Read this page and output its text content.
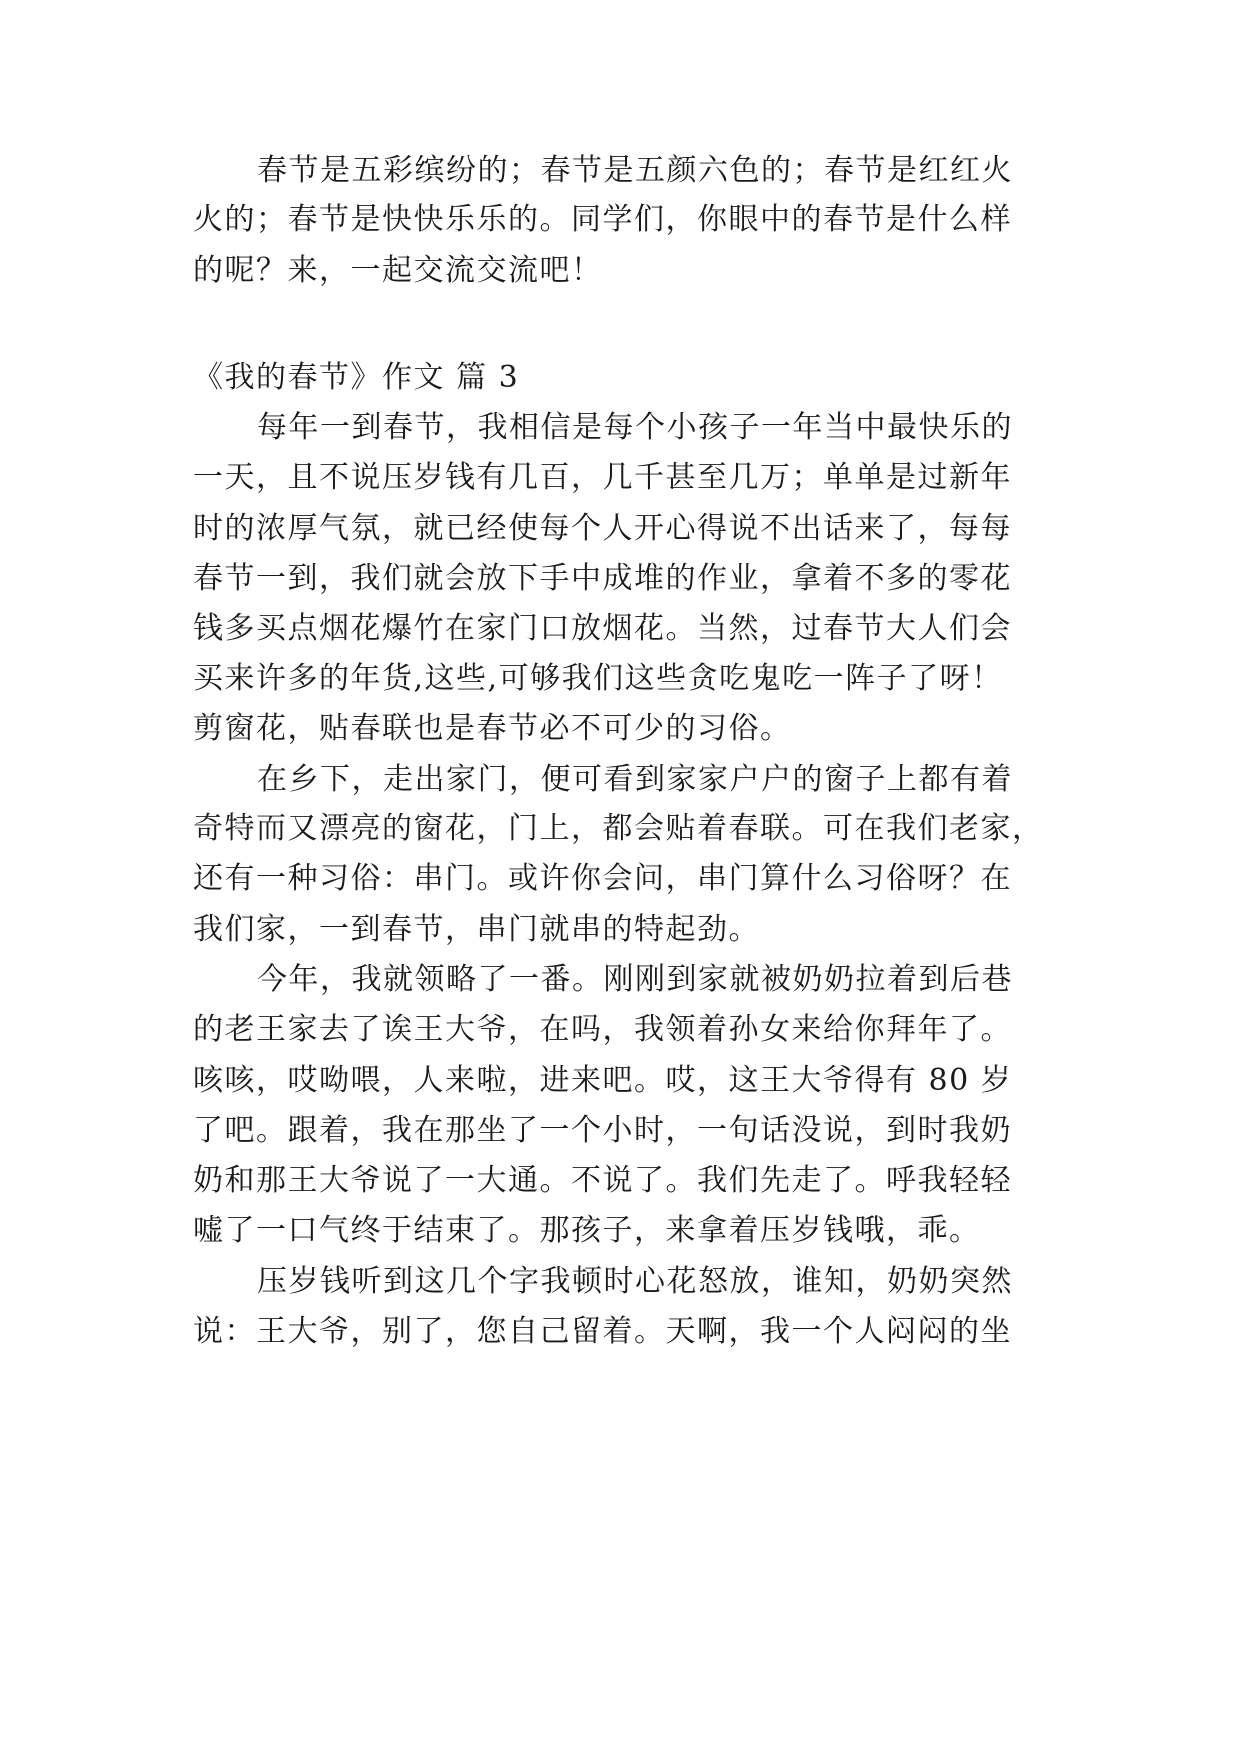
春节是五彩缤纷的；春节是五颜六色的；春节是红红火
火的；春节是快快乐乐的。同学们，你眼中的春节是什么样
的呢？来，一起交流交流吧！
《我的春节》作文 篇 3
每年一到春节，我相信是每个小孩子一年当中最快乐的
一天，且不说压岁钱有几百，几千甚至几万；单单是过新年
时的浓厚气氛，就已经使每个人开心得说不出话来了，每每
春节一到，我们就会放下手中成堆的作业，拿着不多的零花
钱多买点烟花爆竹在家门口放烟花。当然，过春节大人们会
买来许多的年货,这些,可够我们这些贪吃鬼吃一阵子了呀！
剪窗花，贴春联也是春节必不可少的习俗。
在乡下，走出家门，便可看到家家户户的窗子上都有着
奇特而又漂亮的窗花，门上，都会贴着春联。可在我们老家，
还有一种习俗：串门。或许你会问，串门算什么习俗呀？在
我们家，一到春节，串门就串的特起劲。
今年，我就领略了一番。刚刚到家就被奶奶拉着到后巷
的老王家去了诶王大爷，在吗，我领着孙女来给你拜年了。
咳咳，哎呦喂，人来啦，进来吧。哎，这王大爷得有 80 岁
了吧。跟着，我在那坐了一个小时，一句话没说，到时我奶
奶和那王大爷说了一大通。不说了。我们先走了。呼我轻轻
嘘了一口气终于结束了。那孩子，来拿着压岁钱哦，乖。
压岁钱听到这几个字我顿时心花怒放，谁知，奶奶突然
说：王大爷，别了，您自己留着。天啊，我一个人闷闷的坐
